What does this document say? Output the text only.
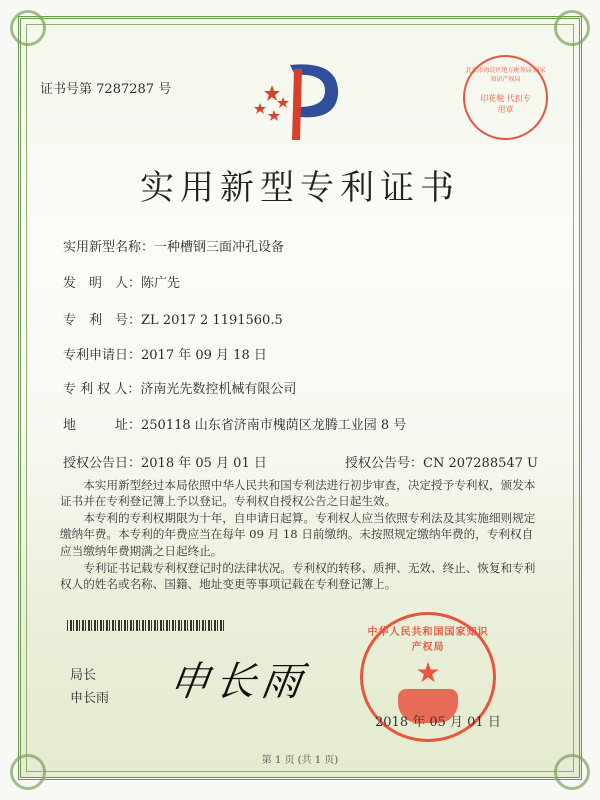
证书号第 7287287 号
北京市海淀区地方税务局 国家知识产权局
印花税 代扣专用章
实用新型专利证书
实用新型名称：一种槽钢三面冲孔设备
发　明　人：陈广先
专　利　号：ZL 2017 2 1191560.5
专利申请日：2017 年 09 月 18 日
专 利 权 人：济南光先数控机械有限公司
地　　　址：250118 山东省济南市槐荫区龙腾工业园 8 号
授权公告日：2018 年 05 月 01 日	授权公告号：CN 207288547 U
本实用新型经过本局依照中华人民共和国专利法进行初步审查，决定授予专利权，颁发本证书并在专利登记簿上予以登记。专利权自授权公告之日起生效。
本专利的专利权期限为十年，自申请日起算。专利权人应当依照专利法及其实施细则规定缴纳年费。本专利的年费应当在每年 09 月 18 日前缴纳。未按照规定缴纳年费的，专利权自应当缴纳年费期满之日起终止。
专利证书记载专利权登记时的法律状况。专利权的转移、质押、无效、终止、恢复和专利权人的姓名或名称、国籍、地址变更等事项记载在专利登记簿上。
局长
申长雨 申长雨
中华人民共和国国家知识产权局
★
2018 年 05 月 01 日
第 1 页 (共 1 页)
